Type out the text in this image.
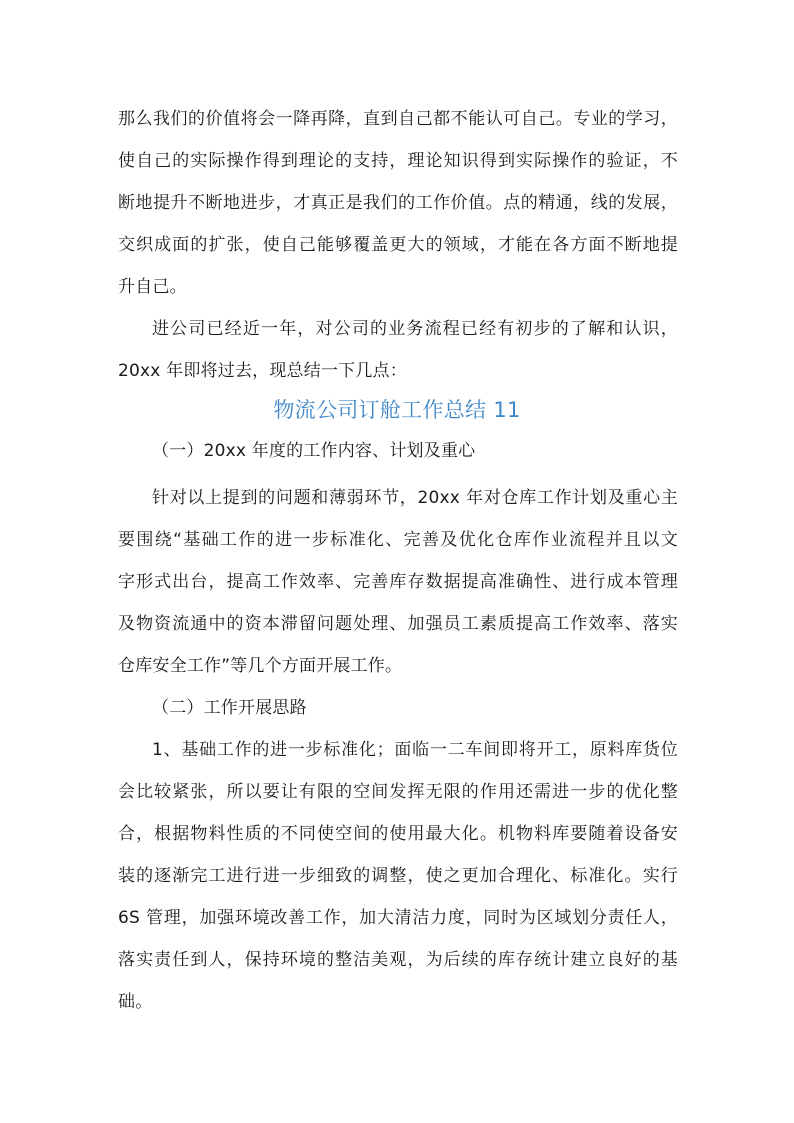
那么我们的价值将会一降再降，直到自己都不能认可自己。专业的学习，
使自己的实际操作得到理论的支持，理论知识得到实际操作的验证，不
断地提升不断地进步，才真正是我们的工作价值。点的精通，线的发展，
交织成面的扩张，使自己能够覆盖更大的领域，才能在各方面不断地提
升自己。
进公司已经近一年，对公司的业务流程已经有初步的了解和认识，
20xx 年即将过去，现总结一下几点：
物流公司订舱工作总结 11
（一）20xx 年度的工作内容、计划及重心
针对以上提到的问题和薄弱环节，20xx 年对仓库工作计划及重心主
要围绕“基础工作的进一步标准化、完善及优化仓库作业流程并且以文
字形式出台，提高工作效率、完善库存数据提高准确性、进行成本管理
及物资流通中的资本滞留问题处理、加强员工素质提高工作效率、落实
仓库安全工作”等几个方面开展工作。
（二）工作开展思路
1、基础工作的进一步标准化；面临一二车间即将开工，原料库货位
会比较紧张，所以要让有限的空间发挥无限的作用还需进一步的优化整
合，根据物料性质的不同使空间的使用最大化。机物料库要随着设备安
装的逐渐完工进行进一步细致的调整，使之更加合理化、标准化。实行
6S 管理，加强环境改善工作，加大清洁力度，同时为区域划分责任人，
落实责任到人，保持环境的整洁美观，为后续的库存统计建立良好的基
础。
